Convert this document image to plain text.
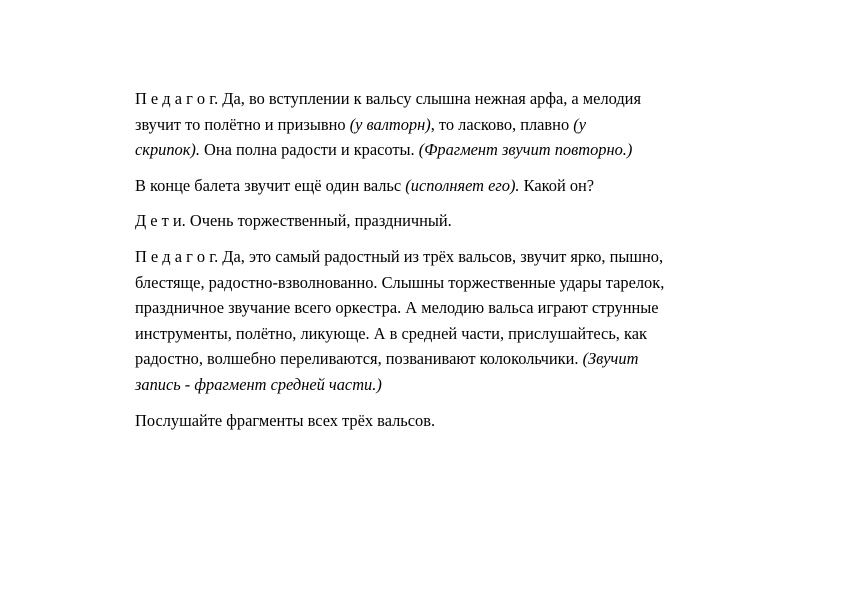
П е д а г о г. Да, во вступлении к вальсу слышна нежная арфа, а мелодия
звучит то полётно и призывно (у валторн), то ласково, плавно (у
скрипок). Она полна радости и красоты. (Фрагмент звучит повторно.)
В конце балета звучит ещё один вальс (исполняет его). Какой он?
Д е т и. Очень торжественный, праздничный.
П е д а г о г. Да, это самый радостный из трёх вальсов, звучит ярко, пышно,
блестяще, радостно-взволнованно. Слышны торжественные удары тарелок,
праздничное звучание всего оркестра. А мелодию вальса играют струнные
инструменты, полётно, ликующе. А в средней части, прислушайтесь, как
радостно, волшебно переливаются, позванивают колокольчики. (Звучит
запись - фрагмент средней части.)
Послушайте фрагменты всех трёх вальсов.
